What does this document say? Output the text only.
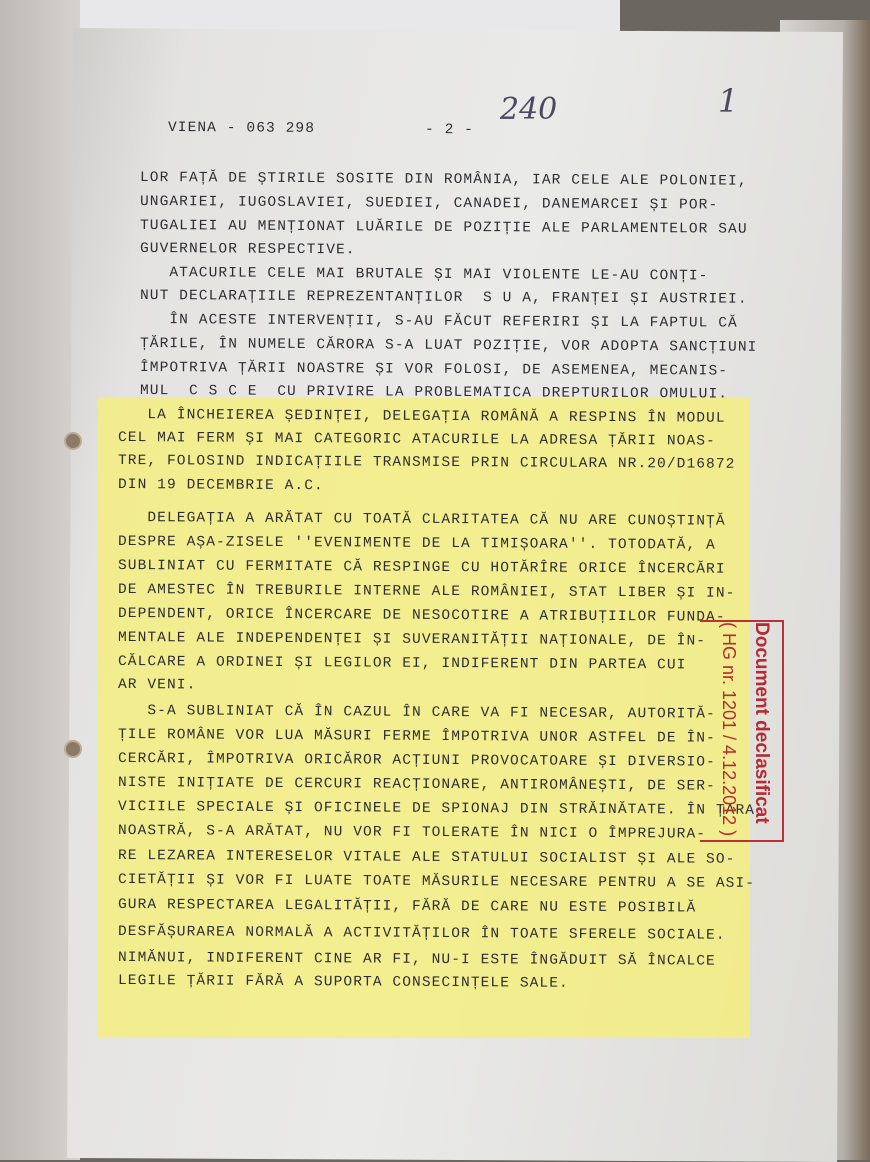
VIENA - 063 298	- 2 -
240	1
LOR FAȚĂ DE ȘTIRILE SOSITE DIN ROMÂNIA, IAR CELE ALE POLONIEI,
UNGARIEI, IUGOSLAVIEI, SUEDIEI, CANADEI, DANEMARCEI ȘI POR-
TUGALIEI AU MENȚIONAT LUĂRILE DE POZIȚIE ALE PARLAMENTELOR SAU
GUVERNELOR RESPECTIVE.
ATACURILE CELE MAI BRUTALE ȘI MAI VIOLENTE LE-AU CONȚI-
NUT DECLARAȚIILE REPREZENTANȚILOR  S U A, FRANȚEI ȘI AUSTRIEI.
ÎN ACESTE INTERVENȚII, S-AU FĂCUT REFERIRI ȘI LA FAPTUL CĂ
ȚĂRILE, ÎN NUMELE CĂRORA S-A LUAT POZIȚIE, VOR ADOPTA SANCȚIUNI
ÎMPOTRIVA ȚĂRII NOASTRE ȘI VOR FOLOSI, DE ASEMENEA, MECANIS-
MUL  C S C E  CU PRIVIRE LA PROBLEMATICA DREPTURILOR OMULUI.
LA ÎNCHEIEREA ȘEDINȚEI, DELEGAȚIA ROMÂNĂ A RESPINS ÎN MODUL
CEL MAI FERM ȘI MAI CATEGORIC ATACURILE LA ADRESA ȚĂRII NOAS-
TRE, FOLOSIND INDICAȚIILE TRANSMISE PRIN CIRCULARA NR.20/D16872
DIN 19 DECEMBRIE A.C.
DELEGAȚIA A ARĂTAT CU TOATĂ CLARITATEA CĂ NU ARE CUNOȘTINȚĂ
DESPRE AȘA-ZISELE ''EVENIMENTE DE LA TIMIȘOARA''. TOTODATĂ, A
SUBLINIAT CU FERMITATE CĂ RESPINGE CU HOTĂRÎRE ORICE ÎNCERCĂRI
DE AMESTEC ÎN TREBURILE INTERNE ALE ROMÂNIEI, STAT LIBER ȘI IN-
DEPENDENT, ORICE ÎNCERCARE DE NESOCOTIRE A ATRIBUȚIILOR FUNDA-
MENTALE ALE INDEPENDENȚEI ȘI SUVERANITĂȚII NAȚIONALE, DE ÎN-
CĂLCARE A ORDINEI ȘI LEGILOR EI, INDIFERENT DIN PARTEA CUI
AR VENI.
S-A SUBLINIAT CĂ ÎN CAZUL ÎN CARE VA FI NECESAR, AUTORITĂ-
ȚILE ROMÂNE VOR LUA MĂSURI FERME ÎMPOTRIVA UNOR ASTFEL DE ÎN-
CERCĂRI, ÎMPOTRIVA ORICĂROR ACȚIUNI PROVOCATOARE ȘI DIVERSIO-
NISTE INIȚIATE DE CERCURI REACȚIONARE, ANTIROMÂNEȘTI, DE SER-
VICIILE SPECIALE ȘI OFICINELE DE SPIONAJ DIN STRĂINĂTATE. ÎN ȚARA
NOASTRĂ, S-A ARĂTAT, NU VOR FI TOLERATE ÎN NICI O ÎMPREJURA-
RE LEZAREA INTERESELOR VITALE ALE STATULUI SOCIALIST ȘI ALE SO-
CIETĂȚII ȘI VOR FI LUATE TOATE MĂSURILE NECESARE PENTRU A SE ASI-
GURA RESPECTAREA LEGALITĂȚII, FĂRĂ DE CARE NU ESTE POSIBILĂ
DESFĂȘURAREA NORMALĂ A ACTIVITĂȚILOR ÎN TOATE SFERELE SOCIALE.
NIMĂNUI, INDIFERENT CINE AR FI, NU-I ESTE ÎNGĂDUIT SĂ ÎNCALCE
LEGILE ȚĂRII FĂRĂ A SUPORTA CONSECINȚELE SALE.
Document declasificat
( HG nr. 1201 / 4.12.2012 )
